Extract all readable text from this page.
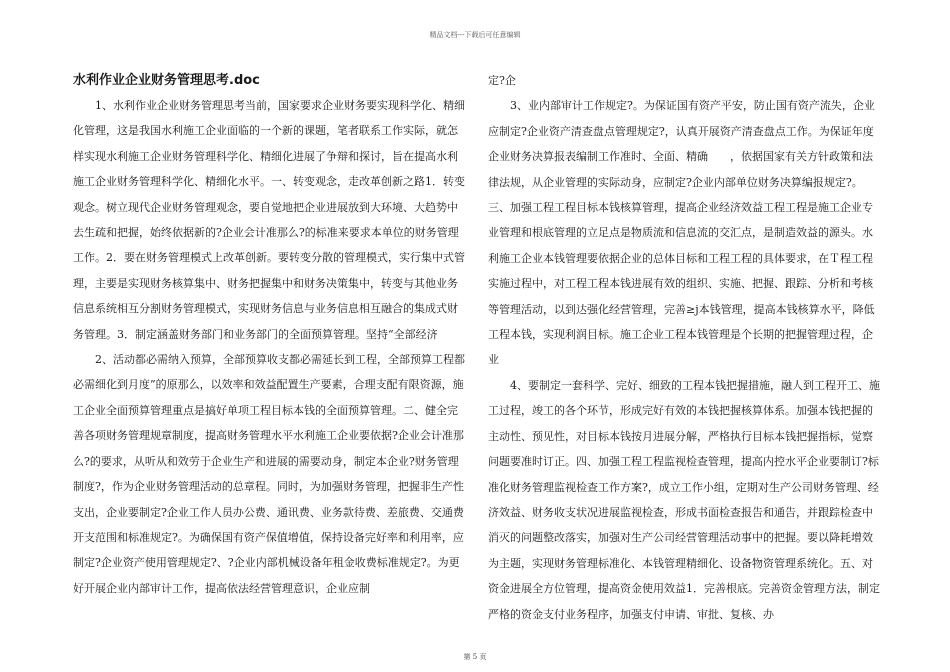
精品文档---下载后可任意编辑
水利作业企业财务管理思考.doc

1、水利作业企业财务管理思考当前，国家要求企业财务要实现科学化、精细化管理，这是我国水利施工企业面临的一个新的课题，笔者联系工作实际，就怎样实现水利施工企业财务管理科学化、精细化进展了争辩和探讨，旨在提高水利施工企业财务管理科学化、精细化水平。一、转变观念，走改革创新之路1．转变观念。树立现代企业财务管理观念，要自觉地把企业进展放到大环境、大趋势中去生疏和把握，始终依据新的?企业会计准那么?的标准来要求本单位的财务管理工作。2．要在财务管理模式上改革创新。要转变分散的管理模式，实行集中式管理，主要是实现财务核算集中、财务把握集中和财务决策集中，转变与其他业务信息系统相互分割财务管理模式，实现财务信息与业务信息相互融合的集成式财务管理。3．制定涵盖财务部门和业务部门的全面预算管理。坚持“全部经济

2、活动都必需纳入预算，全部预算收支都必需延长到工程，全部预算工程都必需细化到月度”的原那么，以效率和效益配置生产要素，合理支配有限资源，施工企业全面预算管理重点是搞好单项工程目标本钱的全面预算管理。二、健全完善各项财务管理规章制度，提高财务管理水平水利施工企业要依据?企业会计准那么?的要求，从听从和效劳于企业生产和进展的需要动身，制定本企业?财务管理制度?，作为企业财务管理活动的总章程。同时，为加强财务管理，把握非生产性支出，企业要制定?企业工作人员办公费、通讯费、业务款待费、差旅费、交通费开支范围和标准规定?。为确保国有资产保值增值，保持设备完好率和利用率，应制定?企业资产使用管理规定?、?企业内部机械设备年租金收费标准规定?。为更好开展企业内部审计工作，提高依法经营管理意识，企业应制

定?企

3、业内部审计工作规定?。为保证国有资产平安，防止国有资产流失，企业应制定?企业资产清查盘点管理规定?，认真开展资产清查盘点工作。为保证年度企业财务决算报表编制工作准时、全面、精确　　，依据国家有关方针政策和法律法规，从企业管理的实际动身，应制定?企业内部单位财务决算编报规定?。三、加强工程工程目标本钱核算管理，提高企业经济效益工程工程是施工企业专业管理和根底管理的立足点是物质流和信息流的交汇点，是制造效益的源头。水利施工企业本钱管理要依据企业的总体目标和工程工程的具体要求，在Ｔ程工程实施过程中，对工程工程本钱进展有效的组织、实施、把握、跟踪、分析和考核等管理活动，以到达强化经营管理，完善≥j本钱管理，提高本钱核算水平，降低工程本钱，实现利润目标。施工企业工程本钱管理是个长期的把握管理过程，企业

4、要制定一套科学、完好、细致的工程本钱把握措施，融人到工程开工、施工过程，竣工的各个环节，形成完好有效的本钱把握核算体系。加强本钱把握的主动性、预见性，对目标本钱按月进展分解，严格执行目标本钱把握指标，觉察问题要准时订正。四、加强工程工程监视检查管理，提高内控水平企业要制订?标准化财务管理监视检查工作方案?，成立工作小组，定期对生产公司财务管理、经济效益、财务收支状况进展监视检查，形成书面检查报告和通告，并跟踪检查中消灭的问题整改落实，加强对生产公司经营管理活动事中的把握。要以降耗增效为主题，实现财务管理标准化、本钱管理精细化、设备物资管理系统化。五、对资金进展全方位管理，提高资金使用效益1．完善根底。完善资金管理方法，制定严格的资金支付业务程序，加强支付申请、审批、复核、办

第 5 页
